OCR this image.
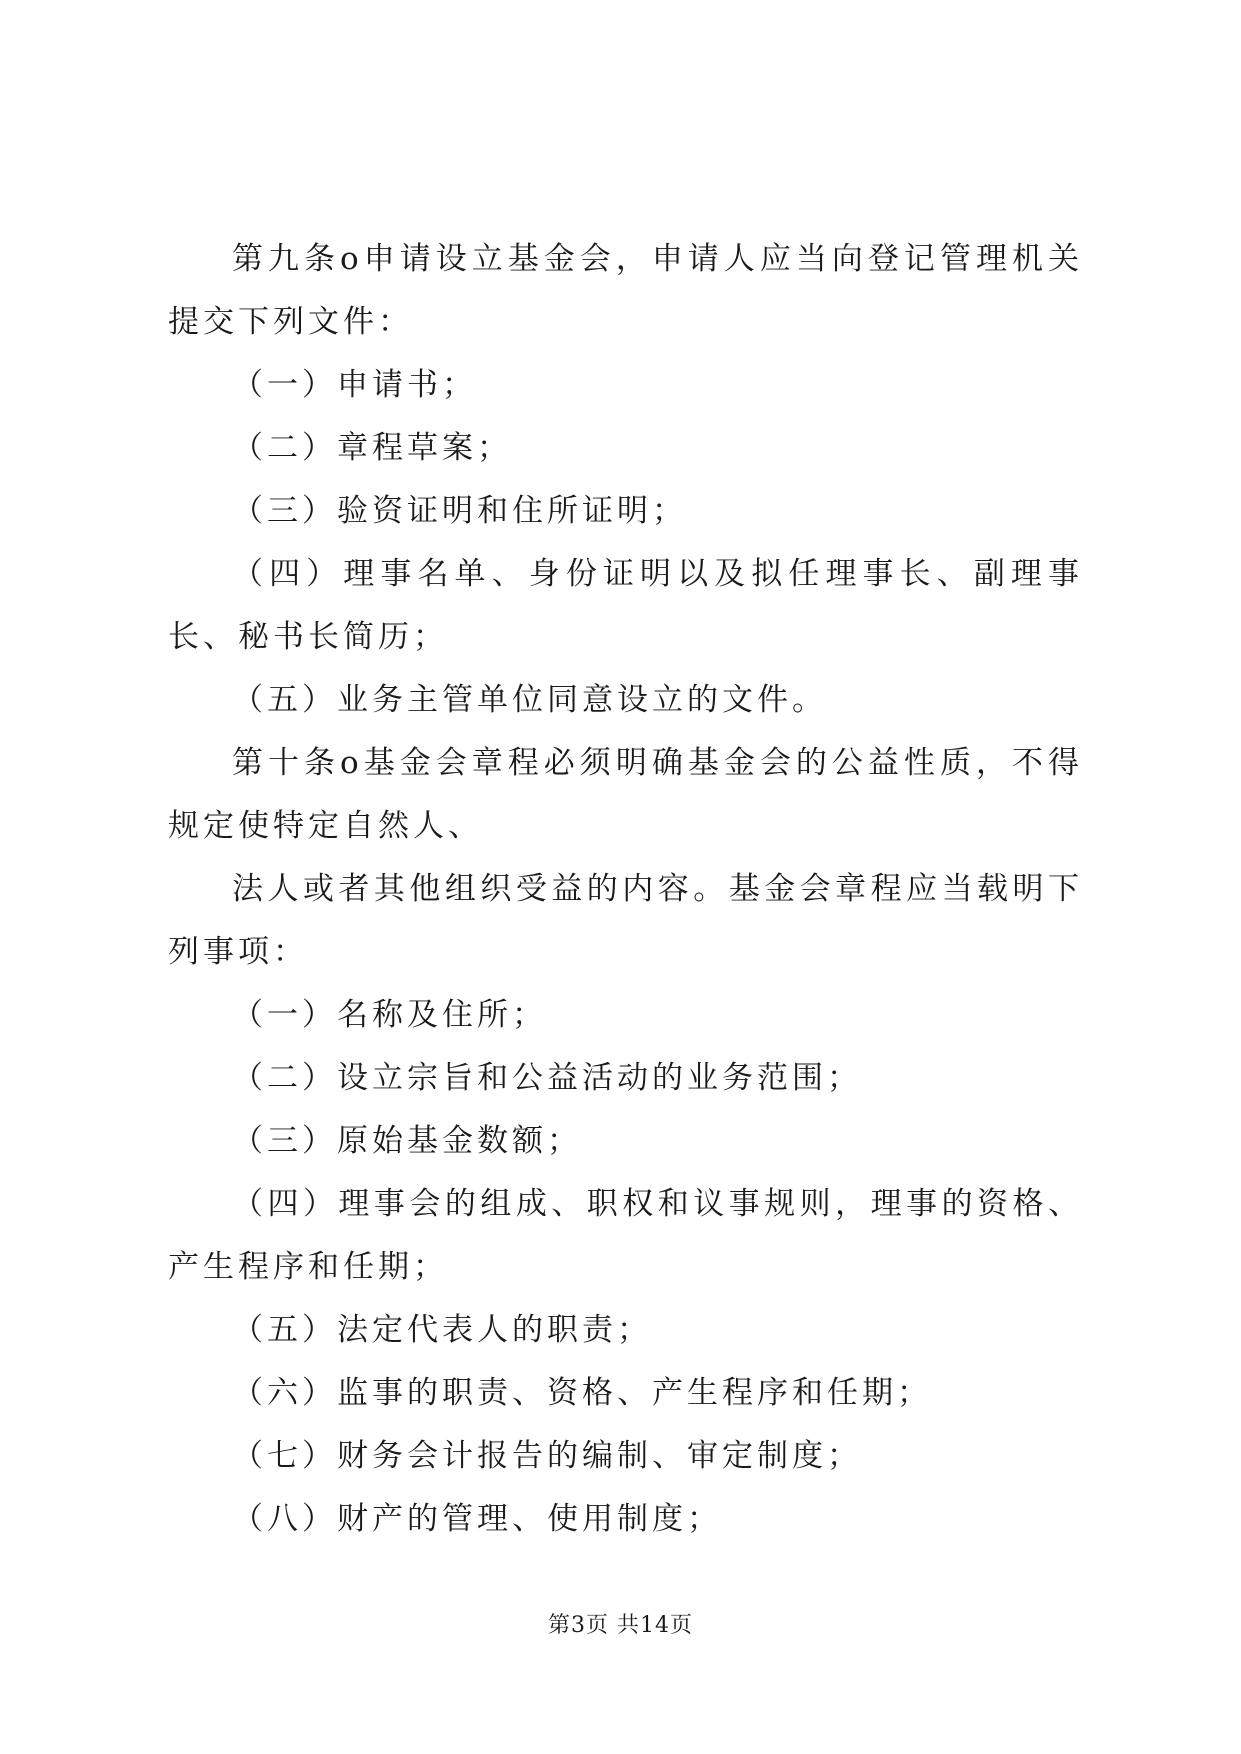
第九条o申请设立基金会，申请人应当向登记管理机关提交下列文件：

（一）申请书；

（二）章程草案；

（三）验资证明和住所证明；

（四）理事名单、身份证明以及拟任理事长、副理事长、秘书长简历；

（五）业务主管单位同意设立的文件。

第十条o基金会章程必须明确基金会的公益性质，不得规定使特定自然人、

法人或者其他组织受益的内容。基金会章程应当载明下列事项：

（一）名称及住所；

（二）设立宗旨和公益活动的业务范围；

（三）原始基金数额；

（四）理事会的组成、职权和议事规则，理事的资格、产生程序和任期；

（五）法定代表人的职责；

（六）监事的职责、资格、产生程序和任期；

（七）财务会计报告的编制、审定制度；

（八）财产的管理、使用制度；

第3页 共14页
